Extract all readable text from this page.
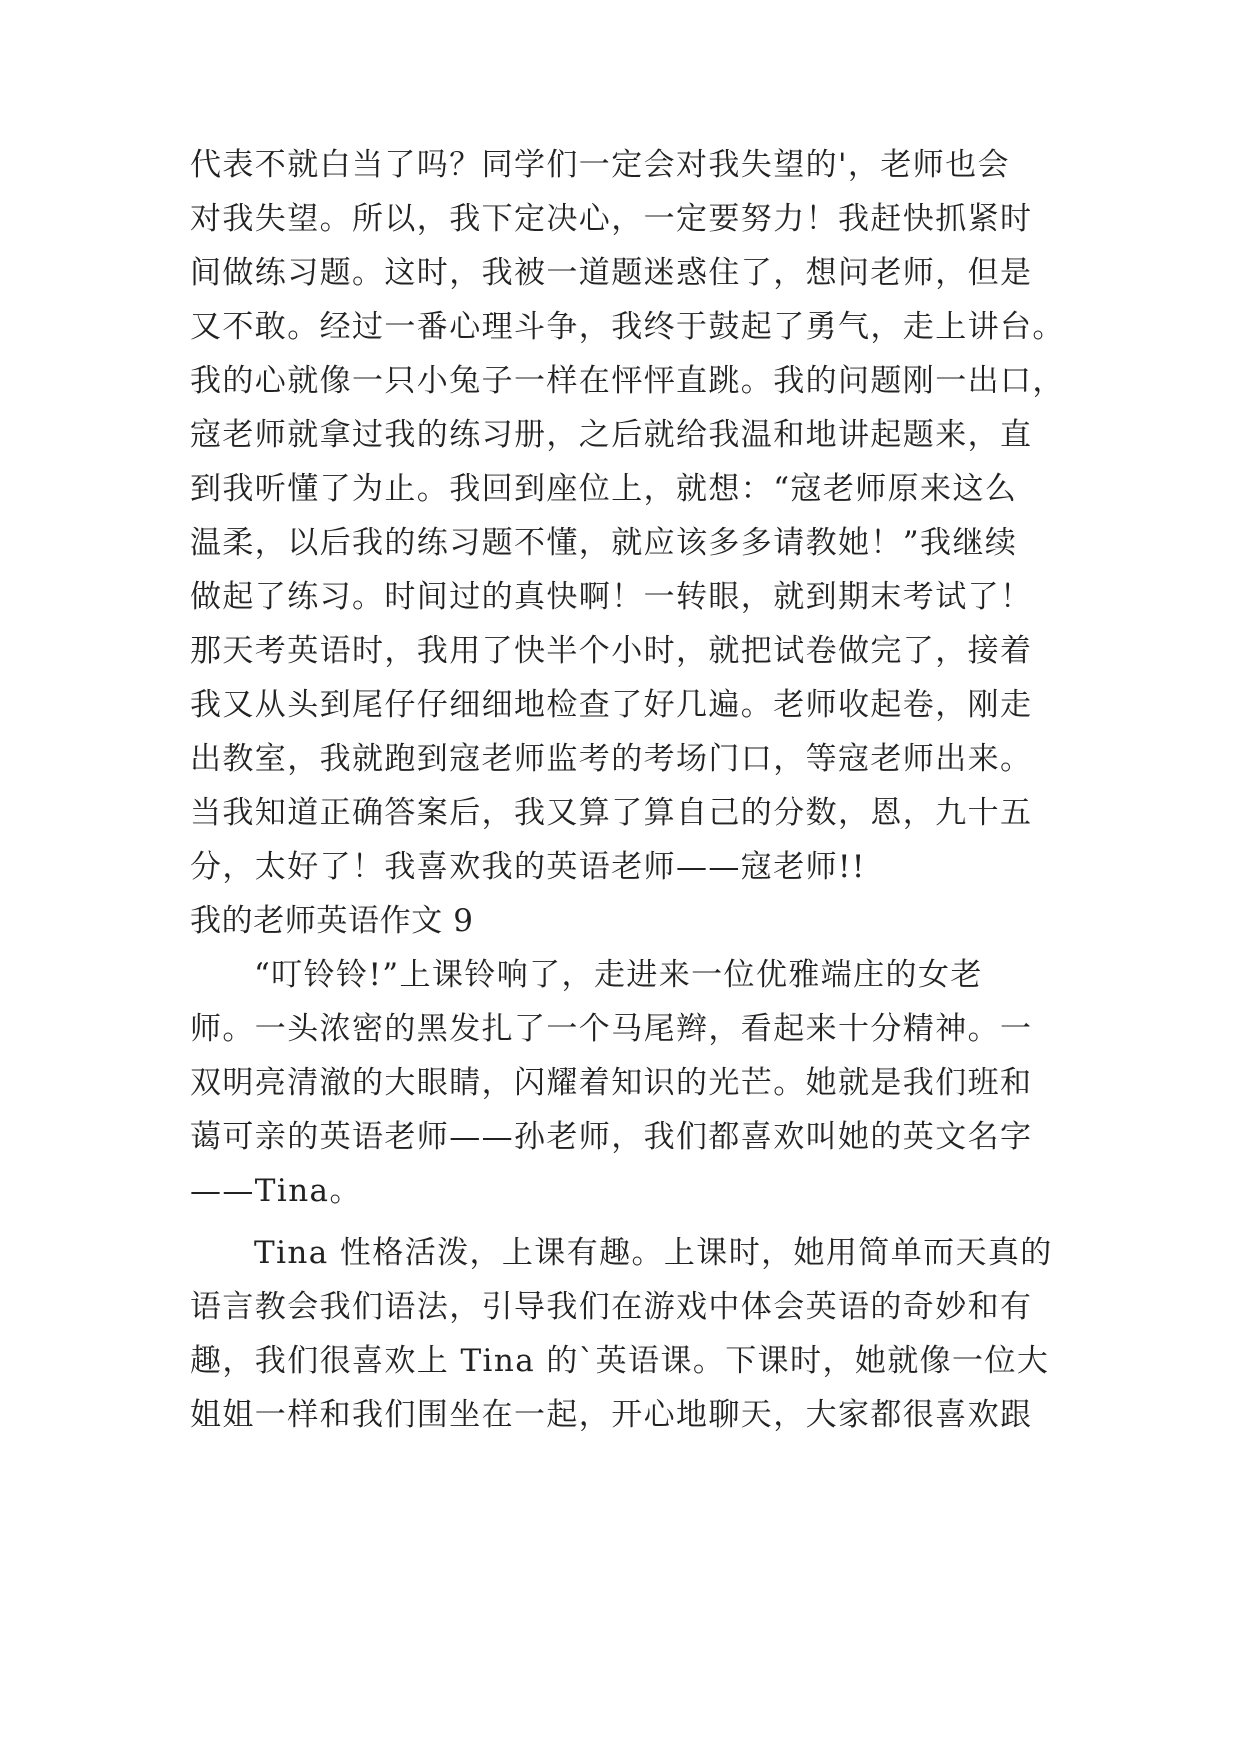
代表不就白当了吗？同学们一定会对我失望的'，老师也会
对我失望。所以，我下定决心，一定要努力！我赶快抓紧时
间做练习题。这时，我被一道题迷惑住了，想问老师，但是
又不敢。经过一番心理斗争，我终于鼓起了勇气，走上讲台。
我的心就像一只小兔子一样在怦怦直跳。我的问题刚一出口，
寇老师就拿过我的练习册，之后就给我温和地讲起题来，直
到我听懂了为止。我回到座位上，就想：“寇老师原来这么
温柔，以后我的练习题不懂，就应该多多请教她！”我继续
做起了练习。时间过的真快啊！一转眼，就到期末考试了！
那天考英语时，我用了快半个小时，就把试卷做完了，接着
我又从头到尾仔仔细细地检查了好几遍。老师收起卷，刚走
出教室，我就跑到寇老师监考的考场门口，等寇老师出来。
当我知道正确答案后，我又算了算自己的分数，恩，九十五
分，太好了！我喜欢我的英语老师——寇老师!!
我的老师英语作文 9
“叮铃铃!”上课铃响了，走进来一位优雅端庄的女老
师。一头浓密的黑发扎了一个马尾辫，看起来十分精神。一
双明亮清澈的大眼睛，闪耀着知识的光芒。她就是我们班和
蔼可亲的英语老师——孙老师，我们都喜欢叫她的英文名字
——Tina。
Tina 性格活泼，上课有趣。上课时，她用简单而天真的
语言教会我们语法，引导我们在游戏中体会英语的奇妙和有
趣，我们很喜欢上 Tina 的`英语课。下课时，她就像一位大
姐姐一样和我们围坐在一起，开心地聊天，大家都很喜欢跟
